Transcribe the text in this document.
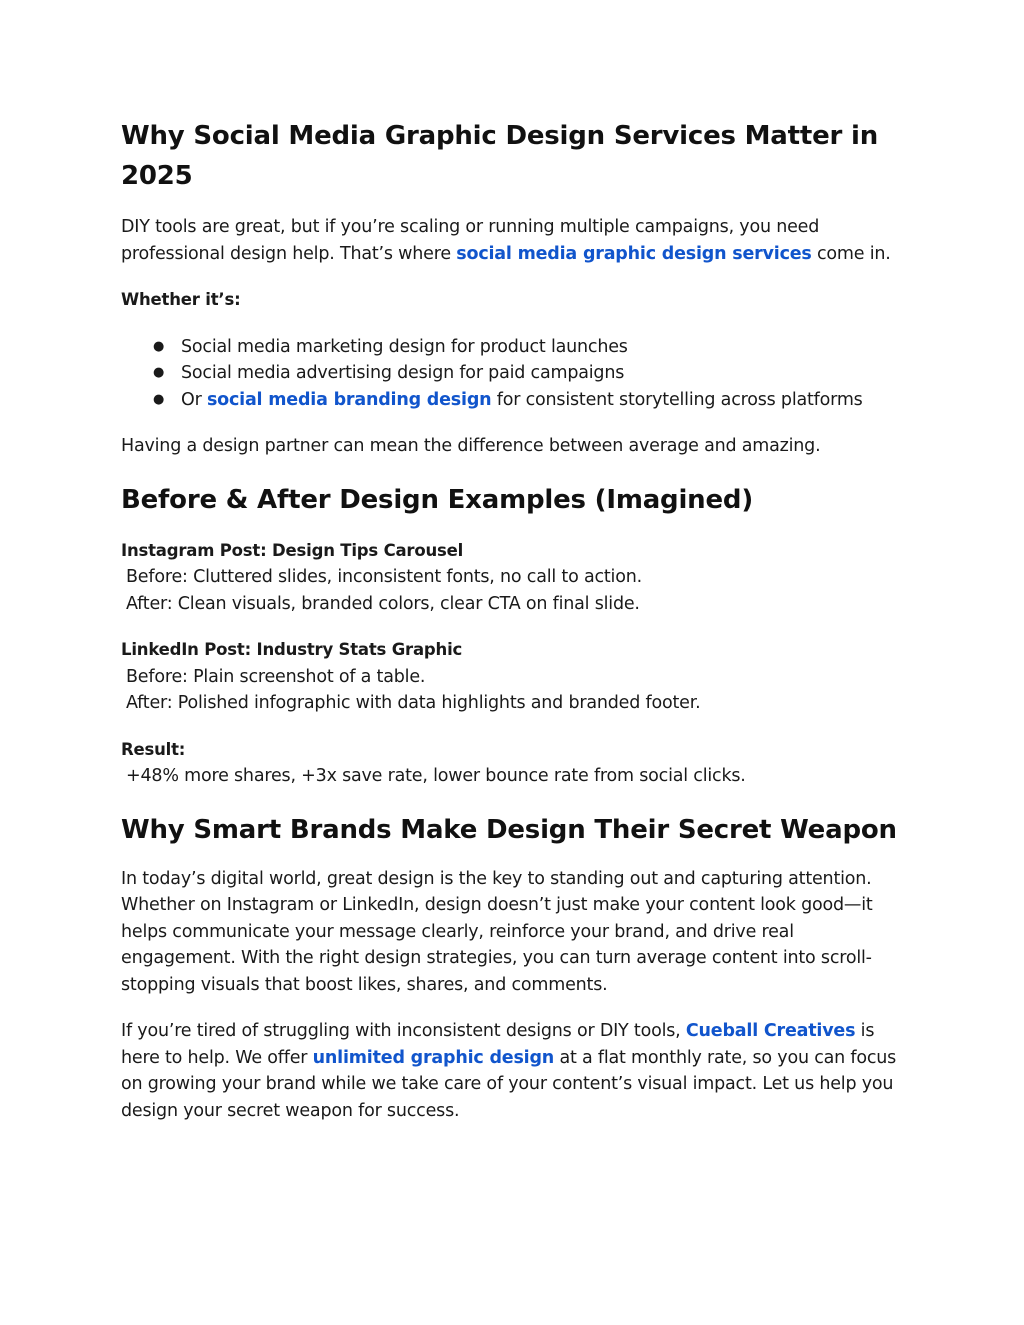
Why Social Media Graphic Design Services Matter in 2025

DIY tools are great, but if you’re scaling or running multiple campaigns, you need professional design help. That’s where social media graphic design services come in.

Whether it’s:

● Social media marketing design for product launches
● Social media advertising design for paid campaigns
● Or social media branding design for consistent storytelling across platforms

Having a design partner can mean the difference between average and amazing.

Before & After Design Examples (Imagined)

Instagram Post: Design Tips Carousel

Before: Cluttered slides, inconsistent fonts, no call to action.

After: Clean visuals, branded colors, clear CTA on final slide.

LinkedIn Post: Industry Stats Graphic

Before: Plain screenshot of a table.

After: Polished infographic with data highlights and branded footer.

Result:

+48% more shares, +3x save rate, lower bounce rate from social clicks.

Why Smart Brands Make Design Their Secret Weapon

In today’s digital world, great design is the key to standing out and capturing attention. Whether on Instagram or LinkedIn, design doesn’t just make your content look good—it helps communicate your message clearly, reinforce your brand, and drive real engagement. With the right design strategies, you can turn average content into scroll-stopping visuals that boost likes, shares, and comments.

If you’re tired of struggling with inconsistent designs or DIY tools, Cueball Creatives is here to help. We offer unlimited graphic design at a flat monthly rate, so you can focus on growing your brand while we take care of your content’s visual impact. Let us help you design your secret weapon for success.
